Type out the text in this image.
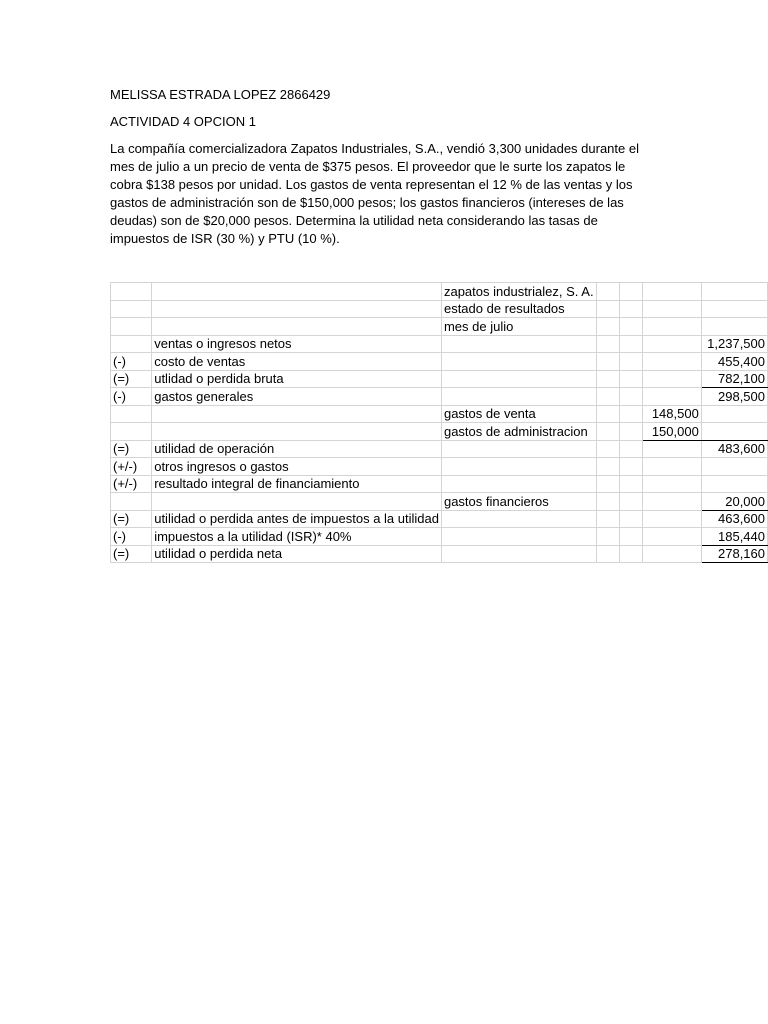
MELISSA ESTRADA LOPEZ 2866429
ACTIVIDAD 4 OPCION 1
La compañía comercializadora Zapatos Industriales, S.A., vendió 3,300 unidades durante el mes de julio a un precio de venta de $375 pesos. El proveedor que le surte los zapatos le cobra $138 pesos por unidad. Los gastos de venta representan el 12 % de las ventas y los gastos de administración son de $150,000 pesos; los gastos financieros (intereses de las deudas) son de $20,000 pesos. Determina la utilidad neta considerando las tasas de impuestos de ISR (30 %) y PTU (10 %).
		zapatos industrialez, S. A.				
		estado de resultados				
		mes de julio				
	ventas o ingresos netos					1,237,500
(-)	costo de ventas					455,400
(=)	utlidad o perdida bruta					782,100
(-)	gastos generales					298,500
		gastos de venta			148,500	
		gastos de administracion			150,000	
(=)	utilidad de operación					483,600
(+/-)	otros ingresos o gastos					
(+/-)	resultado integral de financiamiento					
		gastos financieros				20,000
(=)	utilidad o perdida antes de impuestos a la utilidad					463,600
(-)	impuestos a la utilidad (ISR)* 40%					185,440
(=)	utilidad o perdida neta					278,160
